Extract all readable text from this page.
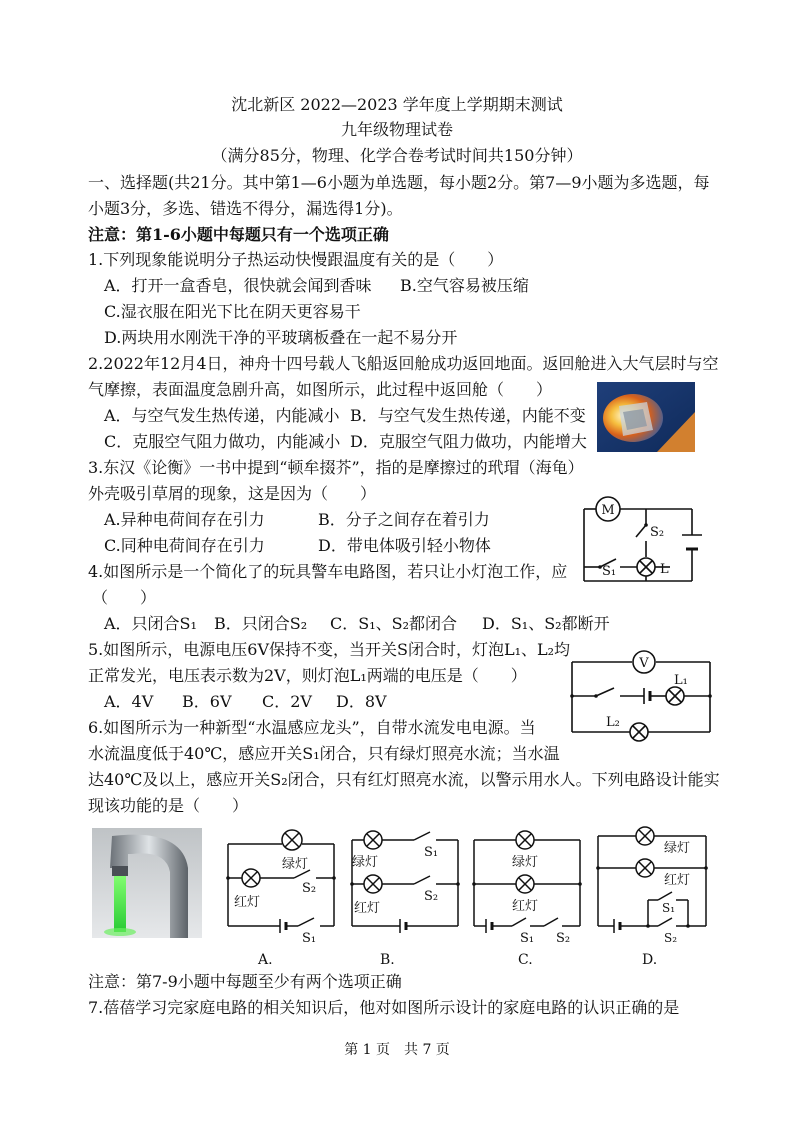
沈北新区 2022—2023 学年度上学期期末测试
九年级物理试卷
（满分85分，物理、化学合卷考试时间共150分钟）
一、选择题(共21分。其中第1—6小题为单选题，每小题2分。第7—9小题为多选题，每
小题3分，多选、错选不得分，漏选得1分)。
注意：第1-6小题中每题只有一个选项正确
1.下列现象能说明分子热运动快慢跟温度有关的是（　　）
A．打开一盒香皂，很快就会闻到香味 B.空气容易被压缩
C.湿衣服在阳光下比在阴天更容易干
D.两块用水刚洗干净的平玻璃板叠在一起不易分开
2.2022年12月4日，神舟十四号载人飞船返回舱成功返回地面。返回舱进入大气层时与空
气摩擦，表面温度急剧升高，如图所示，此过程中返回舱（　　）
A．与空气发生热传递，内能减小 B．与空气发生热传递，内能不变
C．克服空气阻力做功，内能减小 D．克服空气阻力做功，内能增大
3.东汉《论衡》一书中提到“顿牟掇芥”，指的是摩擦过的玳瑁（海龟）
外壳吸引草屑的现象，这是因为（　　）
A.异种电荷间存在引力	B．分子之间存在着引力
C.同种电荷间存在引力	D．带电体吸引轻小物体
M
S₂
S₁	L
4.如图所示是一个简化了的玩具警车电路图，若只让小灯泡工作，应
（　　）
A．只闭合S₁ B．只闭合S₂ C．S₁、S₂都闭合 D．S₁、S₂都断开
5.如图所示，电源电压6V保持不变，当开关S闭合时，灯泡L₁、L₂均
正常发光，电压表示数为2V，则灯泡L₁两端的电压是（　　）
A．4V B．6V C．2V D．8V
V
L₁
L₂
6.如图所示为一种新型“水温感应龙头”，自带水流发电电源。当
水流温度低于40℃，感应开关S₁闭合，只有绿灯照亮水流；当水温
达40℃及以上，感应开关S₂闭合，只有红灯照亮水流，以警示用水人。下列电路设计能实
现该功能的是（　　）
绿灯
S₂
红灯
S₁
A.
绿灯
S₁
红灯
S₂
B.
绿灯
红灯
S₁ S₂
C.
绿灯
红灯
S₁
S₂
D.
注意：第7-9小题中每题至少有两个选项正确
7.蓓蓓学习完家庭电路的相关知识后，他对如图所示设计的家庭电路的认识正确的是
第 1 页　共 7 页
